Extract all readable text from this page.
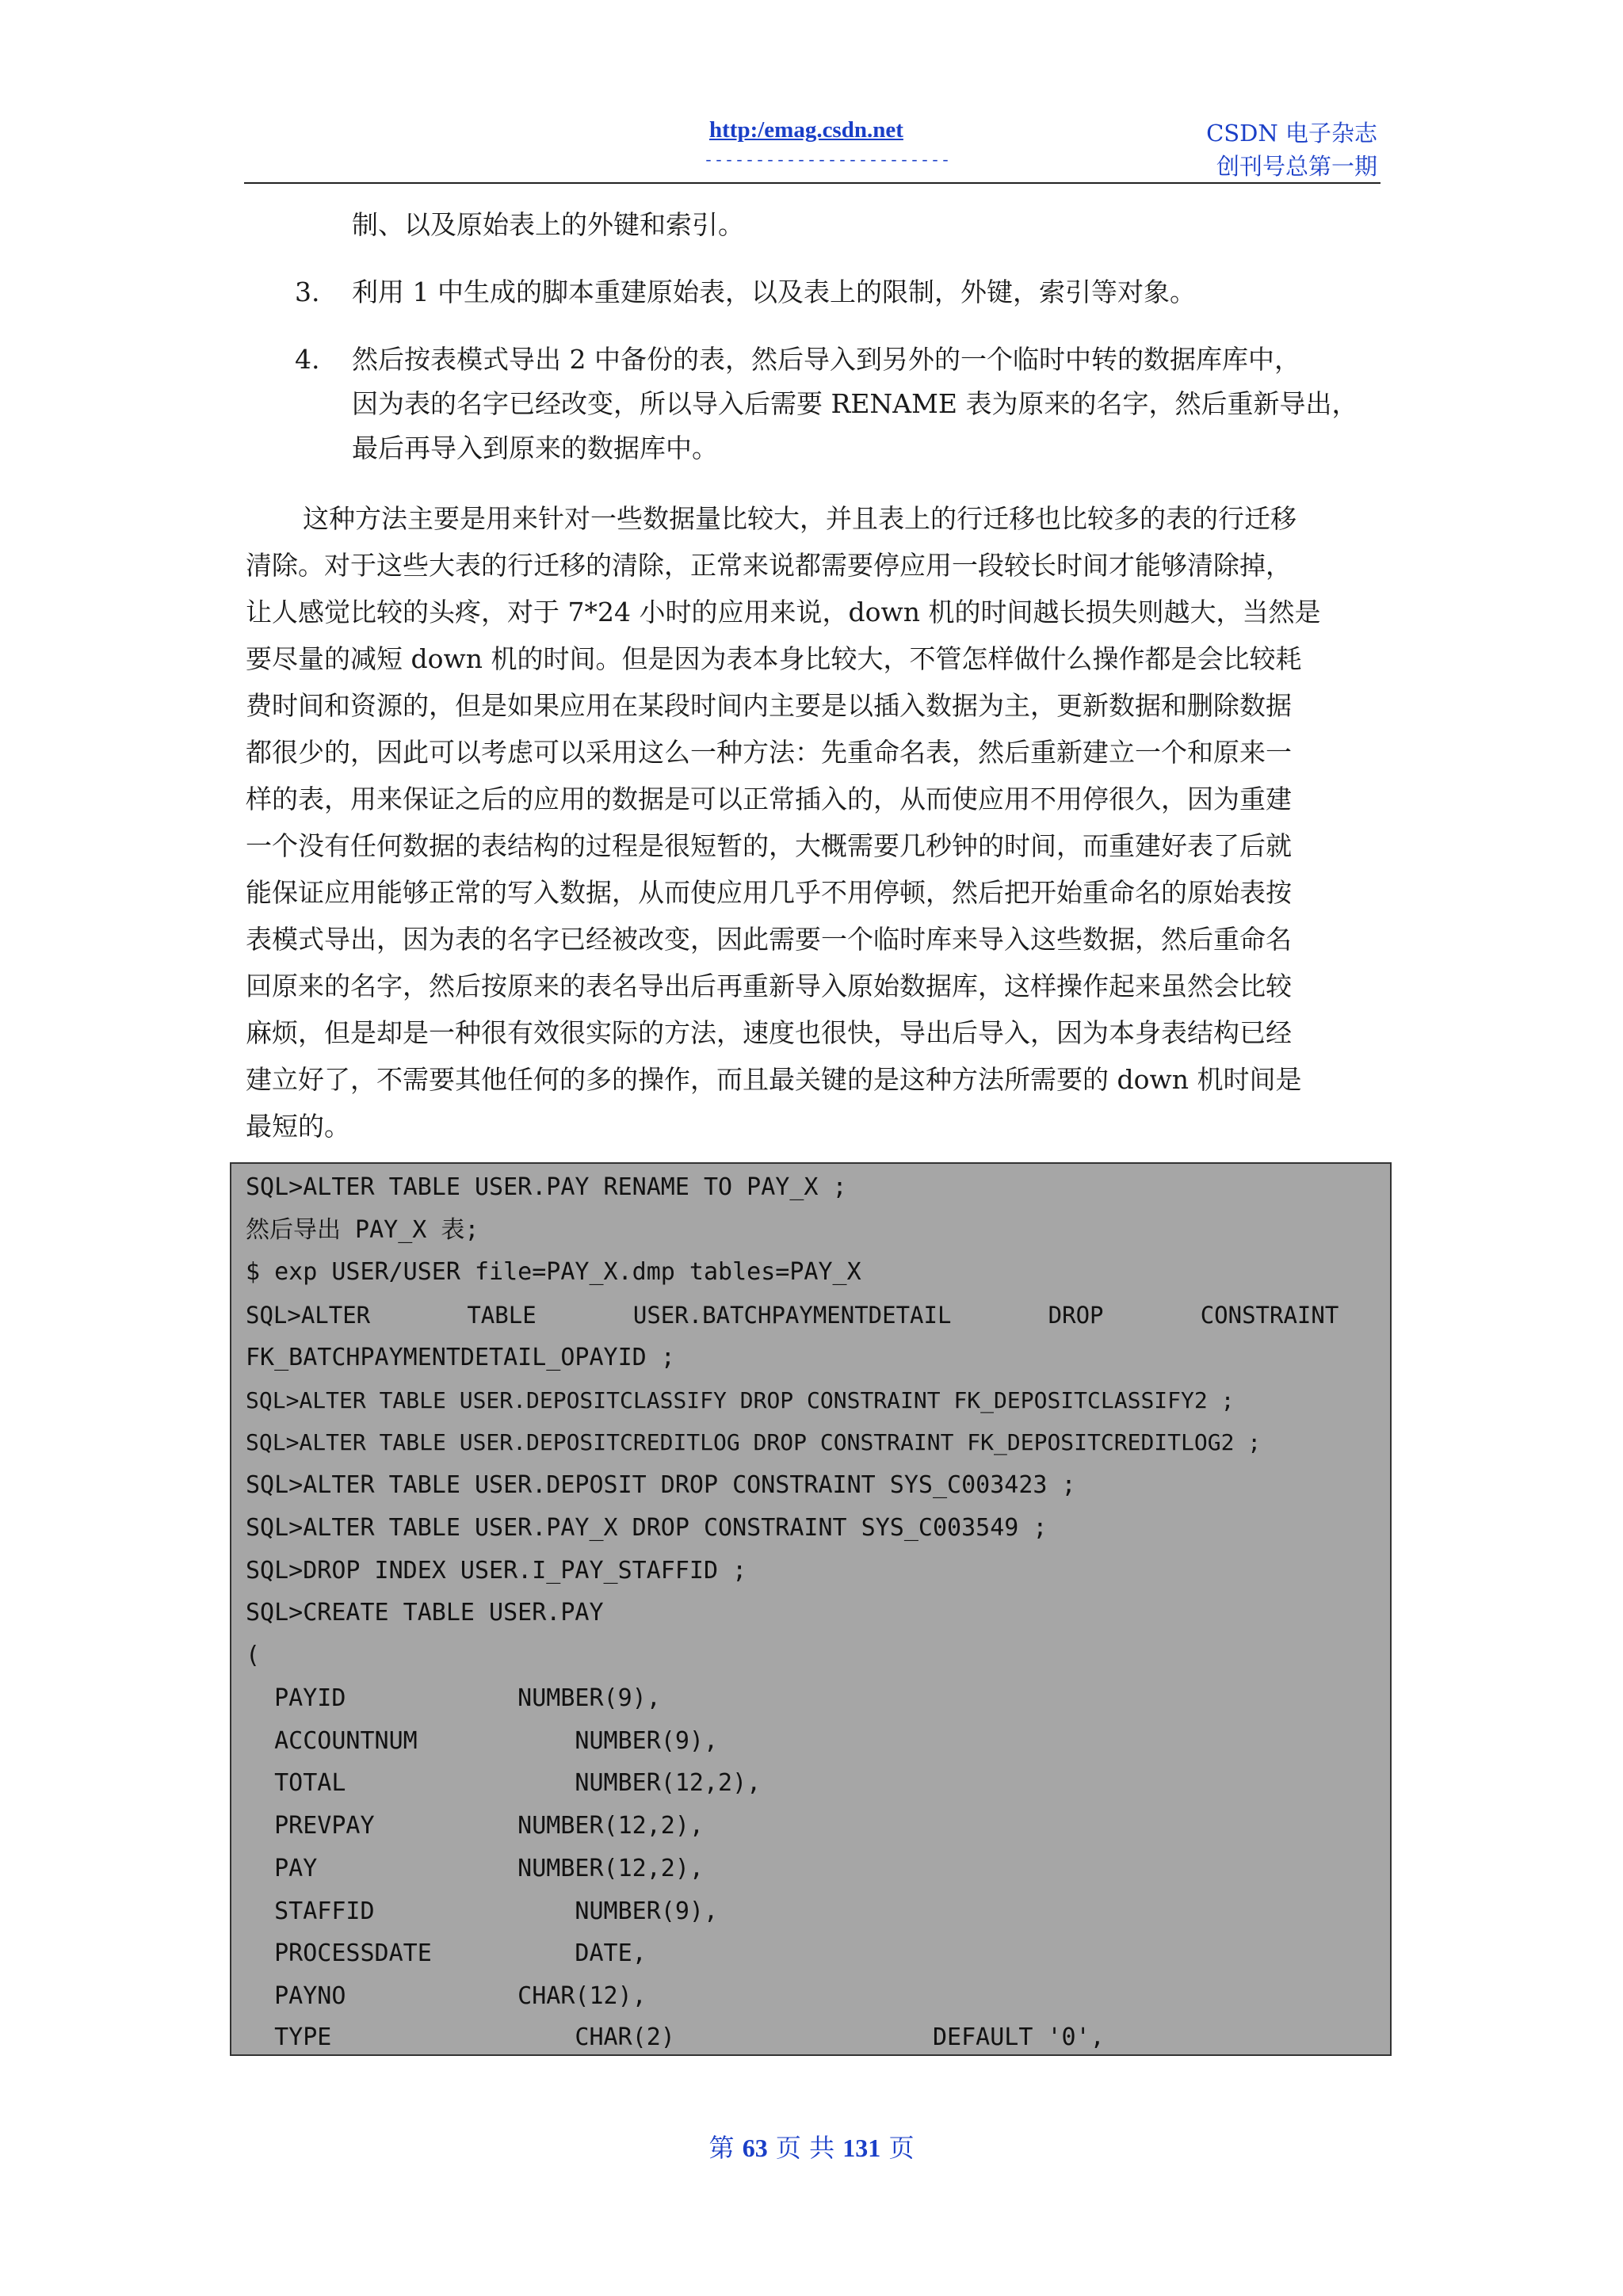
http:/emag.csdn.net
------------------------
CSDN 电子杂志
创刊号总第一期
制、以及原始表上的外键和索引。
3. 利用 1 中生成的脚本重建原始表，以及表上的限制，外键，索引等对象。
4. 然后按表模式导出 2 中备份的表，然后导入到另外的一个临时中转的数据库库中，
因为表的名字已经改变，所以导入后需要 RENAME 表为原来的名字，然后重新导出，
最后再导入到原来的数据库中。
这种方法主要是用来针对一些数据量比较大，并且表上的行迁移也比较多的表的行迁移
清除。对于这些大表的行迁移的清除，正常来说都需要停应用一段较长时间才能够清除掉，
让人感觉比较的头疼，对于 7*24 小时的应用来说，down 机的时间越长损失则越大，当然是
要尽量的减短 down 机的时间。但是因为表本身比较大，不管怎样做什么操作都是会比较耗
费时间和资源的，但是如果应用在某段时间内主要是以插入数据为主，更新数据和删除数据
都很少的，因此可以考虑可以采用这么一种方法：先重命名表，然后重新建立一个和原来一
样的表，用来保证之后的应用的数据是可以正常插入的，从而使应用不用停很久，因为重建
一个没有任何数据的表结构的过程是很短暂的，大概需要几秒钟的时间，而重建好表了后就
能保证应用能够正常的写入数据，从而使应用几乎不用停顿，然后把开始重命名的原始表按
表模式导出，因为表的名字已经被改变，因此需要一个临时库来导入这些数据，然后重命名
回原来的名字，然后按原来的表名导出后再重新导入原始数据库，这样操作起来虽然会比较
麻烦，但是却是一种很有效很实际的方法，速度也很快，导出后导入，因为本身表结构已经
建立好了，不需要其他任何的多的操作，而且最关键的是这种方法所需要的 down 机时间是
最短的。
SQL>ALTER TABLE USER.PAY RENAME TO PAY_X ;
然后导出 PAY_X 表;
$ exp USER/USER file=PAY_X.dmp tables=PAY_X
SQL>ALTER       TABLE       USER.BATCHPAYMENTDETAIL       DROP       CONSTRAINT
FK_BATCHPAYMENTDETAIL_OPAYID ;
SQL>ALTER TABLE USER.DEPOSITCLASSIFY DROP CONSTRAINT FK_DEPOSITCLASSIFY2 ;
SQL>ALTER TABLE USER.DEPOSITCREDITLOG DROP CONSTRAINT FK_DEPOSITCREDITLOG2 ;
SQL>ALTER TABLE USER.DEPOSIT DROP CONSTRAINT SYS_C003423 ;
SQL>ALTER TABLE USER.PAY_X DROP CONSTRAINT SYS_C003549 ;
SQL>DROP INDEX USER.I_PAY_STAFFID ;
SQL>CREATE TABLE USER.PAY
(
PAYID            NUMBER(9),
ACCOUNTNUM           NUMBER(9),
TOTAL                NUMBER(12,2),
PREVPAY          NUMBER(12,2),
PAY              NUMBER(12,2),
STAFFID              NUMBER(9),
PROCESSDATE          DATE,
PAYNO            CHAR(12),
TYPE                 CHAR(2)                  DEFAULT '0',
第 63 页 共 131 页
